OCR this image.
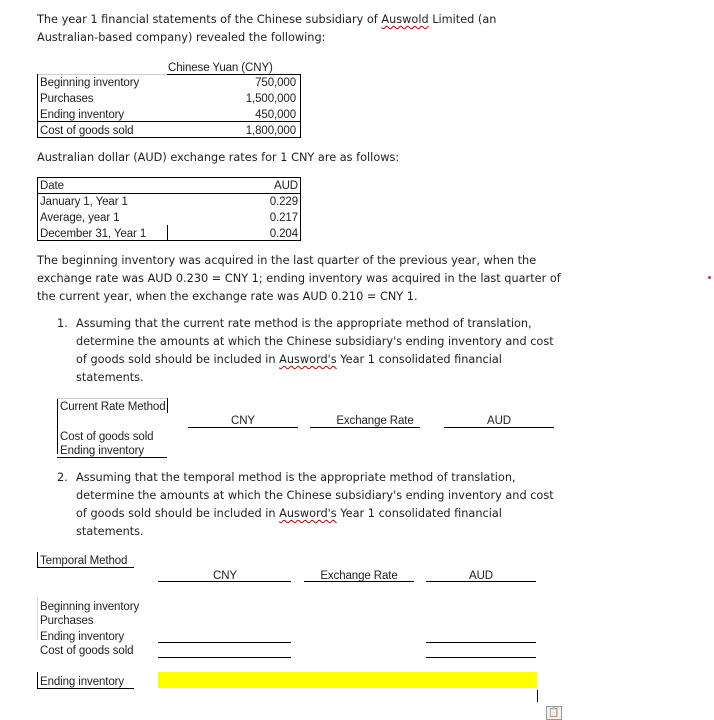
The year 1 financial statements of the Chinese subsidiary of Auswold Limited (an
Australian-based company) revealed the following:
Chinese Yuan (CNY)
Beginning inventory	750,000
Purchases	1,500,000
Ending inventory	450,000
Cost of goods sold	1,800,000
Australian dollar (AUD) exchange rates for 1 CNY are as follows:
Date	AUD
January 1, Year 1	0.229
Average, year 1	0.217
December 31, Year 1	0.204
The beginning inventory was acquired in the last quarter of the previous year, when the
exchange rate was AUD 0.230 = CNY 1; ending inventory was acquired in the last quarter of
the current year, when the exchange rate was AUD 0.210 = CNY 1.
1. Assuming that the current rate method is the appropriate method of translation,
determine the amounts at which the Chinese subsidiary's ending inventory and cost
of goods sold should be included in Ausword's Year 1 consolidated financial
statements.
Current Rate Method
CNY	Exchange Rate	AUD
Cost of goods sold
Ending inventory
2. Assuming that the temporal method is the appropriate method of translation,
determine the amounts at which the Chinese subsidiary's ending inventory and cost
of goods sold should be included in Ausword's Year 1 consolidated financial
statements.
Temporal Method
CNY	Exchange Rate	AUD
Beginning inventory
Purchases
Ending inventory
Cost of goods sold
Ending inventory
📋
